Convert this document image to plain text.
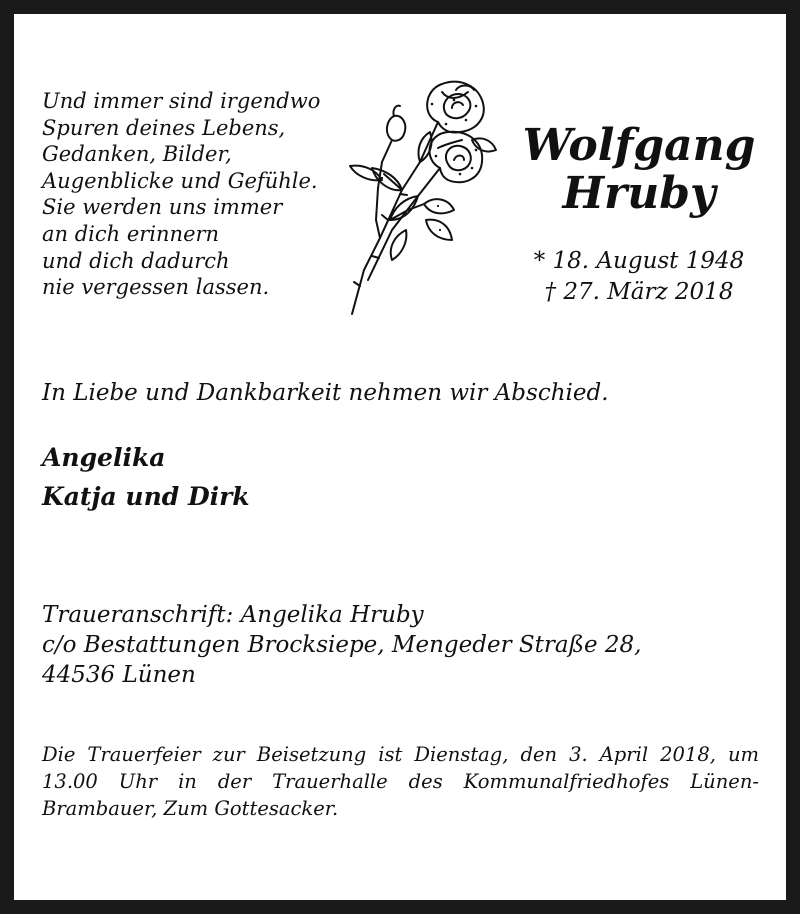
Und immer sind irgendwo
Spuren deines Lebens,
Gedanken, Bilder,
Augenblicke und Gefühle.
Sie werden uns immer
an dich erinnern
und dich dadurch
nie vergessen lassen.
Wolfgang
Hruby
* 18. August 1948
† 27. März 2018
In Liebe und Dankbarkeit nehmen wir Abschied.
Angelika
Katja und Dirk
Traueranschrift: Angelika Hruby
c/o Bestattungen Brocksiepe, Mengeder Straße 28,
44536 Lünen
Die Trauerfeier zur Beisetzung ist Dienstag, den 3. April 2018, um 13.00 Uhr in der Trauerhalle des Kommunalfriedhofes Lünen-Brambauer, Zum Gottesacker.
